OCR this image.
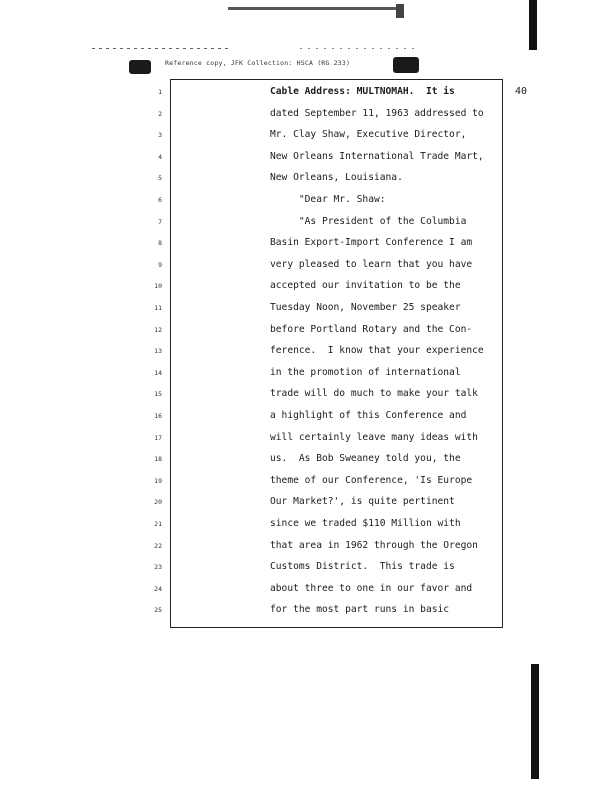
Reference copy, JFK Collection: HSCA (RG 233)
40
1
2
3
4
5
6
7
8
9
10
11
12
13
14
15
16
17
18
19
20
21
22
23
24
25
Cable Address: MULTNOMAH.  It is
dated September 11, 1963 addressed to
Mr. Clay Shaw, Executive Director,
New Orleans International Trade Mart,
New Orleans, Louisiana.
"Dear Mr. Shaw:
"As President of the Columbia
Basin Export-Import Conference I am
very pleased to learn that you have
accepted our invitation to be the
Tuesday Noon, November 25 speaker
before Portland Rotary and the Con-
ference.  I know that your experience
in the promotion of international
trade will do much to make your talk
a highlight of this Conference and
will certainly leave many ideas with
us.  As Bob Sweaney told you, the
theme of our Conference, 'Is Europe
Our Market?', is quite pertinent
since we traded $110 Million with
that area in 1962 through the Oregon
Customs District.  This trade is
about three to one in our favor and
for the most part runs in basic
